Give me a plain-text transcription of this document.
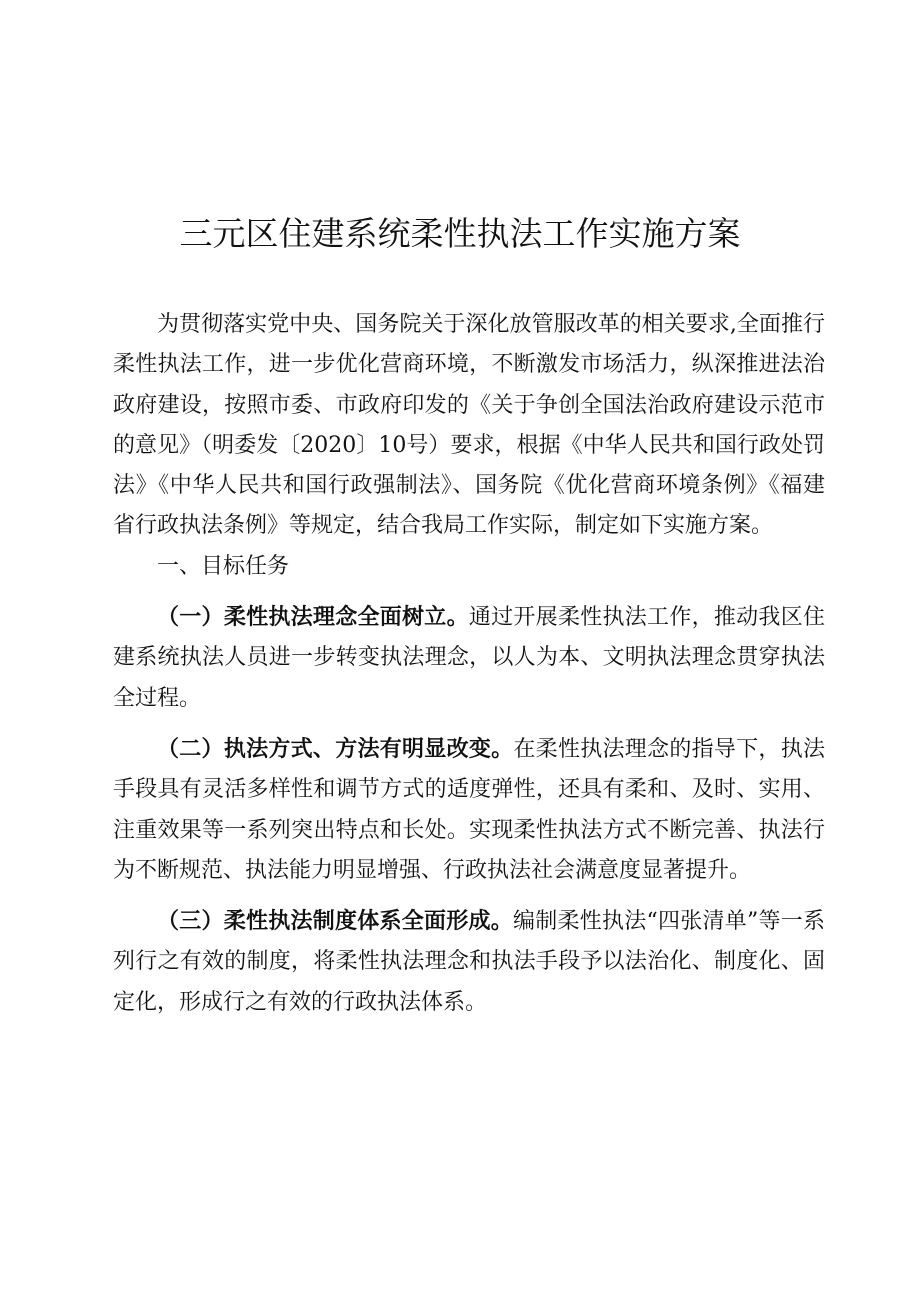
三元区住建系统柔性执法工作实施方案

为贯彻落实党中央、国务院关于深化放管服改革的相关要求,全面推行柔性执法工作，进一步优化营商环境，不断激发市场活力，纵深推进法治政府建设，按照市委、市政府印发的《关于争创全国法治政府建设示范市的意见》（明委发〔2020〕10号）要求，根据《中华人民共和国行政处罚法》《中华人民共和国行政强制法》、国务院《优化营商环境条例》《福建省行政执法条例》等规定，结合我局工作实际，制定如下实施方案。

一、目标任务

（一）柔性执法理念全面树立。通过开展柔性执法工作，推动我区住建系统执法人员进一步转变执法理念，以人为本、文明执法理念贯穿执法全过程。

（二）执法方式、方法有明显改变。在柔性执法理念的指导下，执法手段具有灵活多样性和调节方式的适度弹性，还具有柔和、及时、实用、注重效果等一系列突出特点和长处。实现柔性执法方式不断完善、执法行为不断规范、执法能力明显增强、行政执法社会满意度显著提升。

（三）柔性执法制度体系全面形成。编制柔性执法“四张清单”等一系列行之有效的制度，将柔性执法理念和执法手段予以法治化、制度化、固定化，形成行之有效的行政执法体系。
